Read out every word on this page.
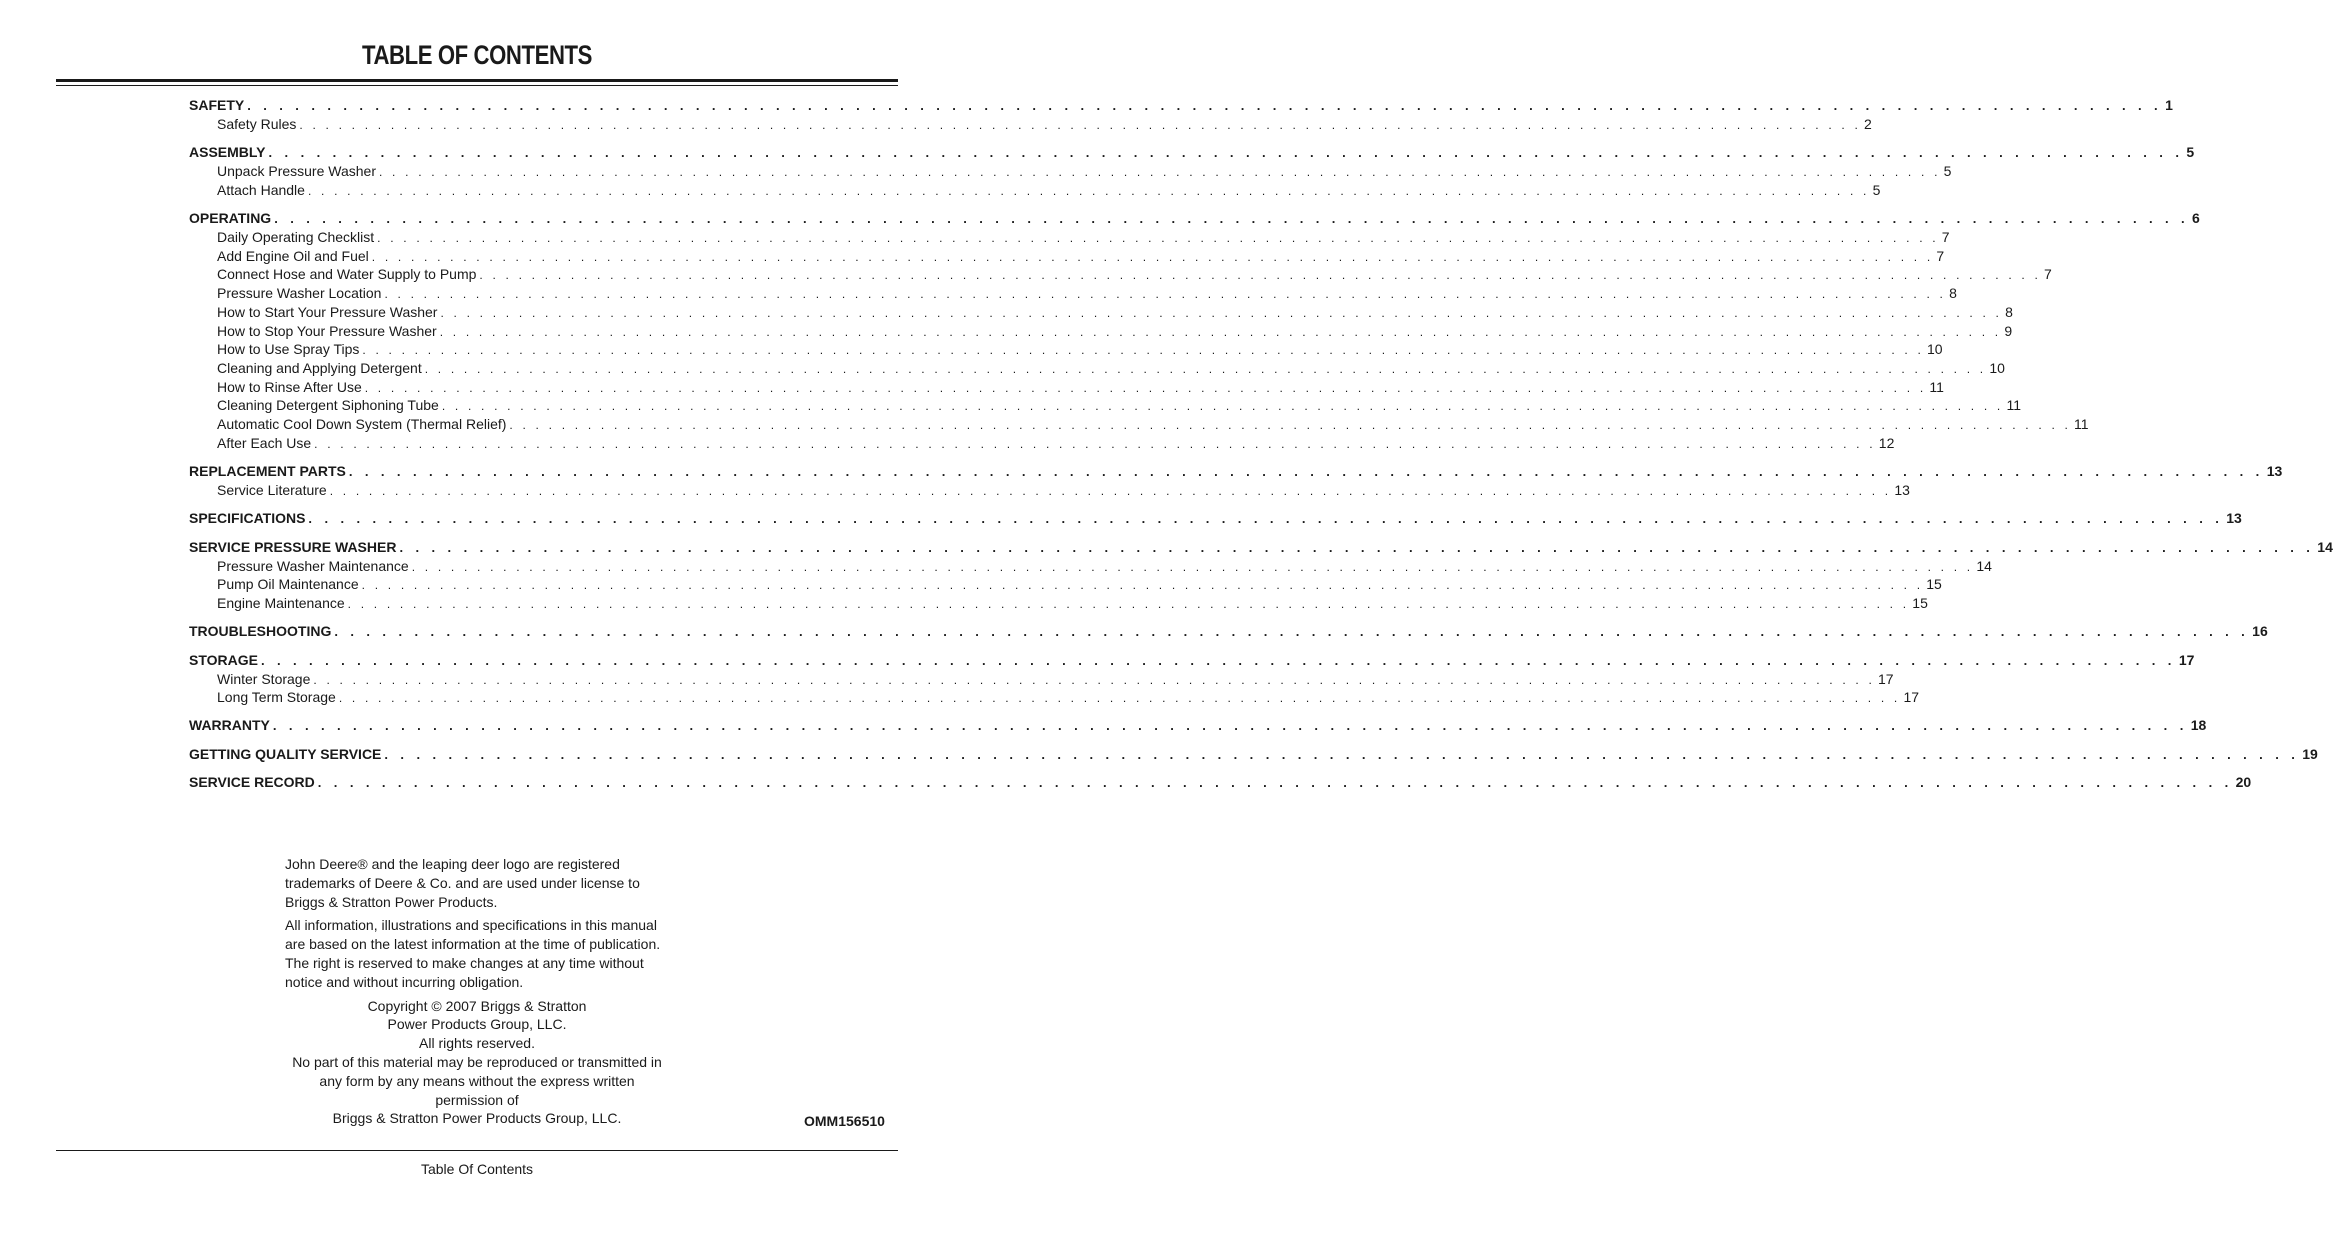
TABLE OF CONTENTS
SAFETY . . . . . . . . . . . . . . . . . . . . . . . . . . . . . . . . . . . . . . . . . . . . . . . . . . . . . . . . . . . . . . . . . . . . . . . . . . . . . . . . . . . . . . . . . . . . . . . . . . . . . . . . . . . . . . . . . . . . . . . . 1
Safety Rules . . . . . . . . . . . . . . . . . . . . . . . . . . . . . . . . . . . . . . . . . . . . . . . . . . . . . . . . . . . . . . . . . . . . . . . . . . . . . . . . . . . . . . . . . . . . . . . . . . . . . . . . . . . . . . . . . . . . . . . . 2
ASSEMBLY . . . . . . . . . . . . . . . . . . . . . . . . . . . . . . . . . . . . . . . . . . . . . . . . . . . . . . . . . . . . . . . . . . . . . . . . . . . . . . . . . . . . . . . . . . . . . . . . . . . . . . . . . . . . . . . . . . . . . . . . 5
Unpack Pressure Washer . . . . . . . . . . . . . . . . . . . . . . . . . . . . . . . . . . . . . . . . . . . . . . . . . . . . . . . . . . . . . . . . . . . . . . . . . . . . . . . . . . . . . . . . . . . . . . . . . . . . . . . . . . . . . . . . . . . . . . . . 5
Attach Handle . . . . . . . . . . . . . . . . . . . . . . . . . . . . . . . . . . . . . . . . . . . . . . . . . . . . . . . . . . . . . . . . . . . . . . . . . . . . . . . . . . . . . . . . . . . . . . . . . . . . . . . . . . . . . . . . . . . . . . . . 5
OPERATING . . . . . . . . . . . . . . . . . . . . . . . . . . . . . . . . . . . . . . . . . . . . . . . . . . . . . . . . . . . . . . . . . . . . . . . . . . . . . . . . . . . . . . . . . . . . . . . . . . . . . . . . . . . . . . . . . . . . . . . . 6
Daily Operating Checklist . . . . . . . . . . . . . . . . . . . . . . . . . . . . . . . . . . . . . . . . . . . . . . . . . . . . . . . . . . . . . . . . . . . . . . . . . . . . . . . . . . . . . . . . . . . . . . . . . . . . . . . . . . . . . . . . . . . . . . . . 7
Add Engine Oil and Fuel . . . . . . . . . . . . . . . . . . . . . . . . . . . . . . . . . . . . . . . . . . . . . . . . . . . . . . . . . . . . . . . . . . . . . . . . . . . . . . . . . . . . . . . . . . . . . . . . . . . . . . . . . . . . . . . . . . . . . . . . 7
Connect Hose and Water Supply to Pump . . . . . . . . . . . . . . . . . . . . . . . . . . . . . . . . . . . . . . . . . . . . . . . . . . . . . . . . . . . . . . . . . . . . . . . . . . . . . . . . . . . . . . . . . . . . . . . . . . . . . . . . . . . . . . . . . . . . . . . . 7
Pressure Washer Location . . . . . . . . . . . . . . . . . . . . . . . . . . . . . . . . . . . . . . . . . . . . . . . . . . . . . . . . . . . . . . . . . . . . . . . . . . . . . . . . . . . . . . . . . . . . . . . . . . . . . . . . . . . . . . . . . . . . . . . . 8
How to Start Your Pressure Washer . . . . . . . . . . . . . . . . . . . . . . . . . . . . . . . . . . . . . . . . . . . . . . . . . . . . . . . . . . . . . . . . . . . . . . . . . . . . . . . . . . . . . . . . . . . . . . . . . . . . . . . . . . . . . . . . . . . . . . . . 8
How to Stop Your Pressure Washer . . . . . . . . . . . . . . . . . . . . . . . . . . . . . . . . . . . . . . . . . . . . . . . . . . . . . . . . . . . . . . . . . . . . . . . . . . . . . . . . . . . . . . . . . . . . . . . . . . . . . . . . . . . . . . . . . . . . . . . . 9
How to Use Spray Tips . . . . . . . . . . . . . . . . . . . . . . . . . . . . . . . . . . . . . . . . . . . . . . . . . . . . . . . . . . . . . . . . . . . . . . . . . . . . . . . . . . . . . . . . . . . . . . . . . . . . . . . . . . . . . . . . . . . . . . . . 10
Cleaning and Applying Detergent . . . . . . . . . . . . . . . . . . . . . . . . . . . . . . . . . . . . . . . . . . . . . . . . . . . . . . . . . . . . . . . . . . . . . . . . . . . . . . . . . . . . . . . . . . . . . . . . . . . . . . . . . . . . . . . . . . . . . . . . 10
How to Rinse After Use . . . . . . . . . . . . . . . . . . . . . . . . . . . . . . . . . . . . . . . . . . . . . . . . . . . . . . . . . . . . . . . . . . . . . . . . . . . . . . . . . . . . . . . . . . . . . . . . . . . . . . . . . . . . . . . . . . . . . . . . 11
Cleaning Detergent Siphoning Tube . . . . . . . . . . . . . . . . . . . . . . . . . . . . . . . . . . . . . . . . . . . . . . . . . . . . . . . . . . . . . . . . . . . . . . . . . . . . . . . . . . . . . . . . . . . . . . . . . . . . . . . . . . . . . . . . . . . . . . . . 11
Automatic Cool Down System (Thermal Relief) . . . . . . . . . . . . . . . . . . . . . . . . . . . . . . . . . . . . . . . . . . . . . . . . . . . . . . . . . . . . . . . . . . . . . . . . . . . . . . . . . . . . . . . . . . . . . . . . . . . . . . . . . . . . . . . . . . . . . . . . 11
After Each Use . . . . . . . . . . . . . . . . . . . . . . . . . . . . . . . . . . . . . . . . . . . . . . . . . . . . . . . . . . . . . . . . . . . . . . . . . . . . . . . . . . . . . . . . . . . . . . . . . . . . . . . . . . . . . . . . . . . . . . . . 12
REPLACEMENT PARTS . . . . . . . . . . . . . . . . . . . . . . . . . . . . . . . . . . . . . . . . . . . . . . . . . . . . . . . . . . . . . . . . . . . . . . . . . . . . . . . . . . . . . . . . . . . . . . . . . . . . . . . . . . . . . . . . . . . . . . . . 13
Service Literature . . . . . . . . . . . . . . . . . . . . . . . . . . . . . . . . . . . . . . . . . . . . . . . . . . . . . . . . . . . . . . . . . . . . . . . . . . . . . . . . . . . . . . . . . . . . . . . . . . . . . . . . . . . . . . . . . . . . . . . . 13
SPECIFICATIONS . . . . . . . . . . . . . . . . . . . . . . . . . . . . . . . . . . . . . . . . . . . . . . . . . . . . . . . . . . . . . . . . . . . . . . . . . . . . . . . . . . . . . . . . . . . . . . . . . . . . . . . . . . . . . . . . . . . . . . . . 13
SERVICE PRESSURE WASHER . . . . . . . . . . . . . . . . . . . . . . . . . . . . . . . . . . . . . . . . . . . . . . . . . . . . . . . . . . . . . . . . . . . . . . . . . . . . . . . . . . . . . . . . . . . . . . . . . . . . . . . . . . . . . . . . . . . . . . . . 14
Pressure Washer Maintenance . . . . . . . . . . . . . . . . . . . . . . . . . . . . . . . . . . . . . . . . . . . . . . . . . . . . . . . . . . . . . . . . . . . . . . . . . . . . . . . . . . . . . . . . . . . . . . . . . . . . . . . . . . . . . . . . . . . . . . . . 14
Pump Oil Maintenance . . . . . . . . . . . . . . . . . . . . . . . . . . . . . . . . . . . . . . . . . . . . . . . . . . . . . . . . . . . . . . . . . . . . . . . . . . . . . . . . . . . . . . . . . . . . . . . . . . . . . . . . . . . . . . . . . . . . . . . . 15
Engine Maintenance . . . . . . . . . . . . . . . . . . . . . . . . . . . . . . . . . . . . . . . . . . . . . . . . . . . . . . . . . . . . . . . . . . . . . . . . . . . . . . . . . . . . . . . . . . . . . . . . . . . . . . . . . . . . . . . . . . . . . . . . 15
TROUBLESHOOTING . . . . . . . . . . . . . . . . . . . . . . . . . . . . . . . . . . . . . . . . . . . . . . . . . . . . . . . . . . . . . . . . . . . . . . . . . . . . . . . . . . . . . . . . . . . . . . . . . . . . . . . . . . . . . . . . . . . . . . . . 16
STORAGE . . . . . . . . . . . . . . . . . . . . . . . . . . . . . . . . . . . . . . . . . . . . . . . . . . . . . . . . . . . . . . . . . . . . . . . . . . . . . . . . . . . . . . . . . . . . . . . . . . . . . . . . . . . . . . . . . . . . . . . . 17
Winter Storage . . . . . . . . . . . . . . . . . . . . . . . . . . . . . . . . . . . . . . . . . . . . . . . . . . . . . . . . . . . . . . . . . . . . . . . . . . . . . . . . . . . . . . . . . . . . . . . . . . . . . . . . . . . . . . . . . . . . . . . . 17
Long Term Storage . . . . . . . . . . . . . . . . . . . . . . . . . . . . . . . . . . . . . . . . . . . . . . . . . . . . . . . . . . . . . . . . . . . . . . . . . . . . . . . . . . . . . . . . . . . . . . . . . . . . . . . . . . . . . . . . . . . . . . . . 17
WARRANTY . . . . . . . . . . . . . . . . . . . . . . . . . . . . . . . . . . . . . . . . . . . . . . . . . . . . . . . . . . . . . . . . . . . . . . . . . . . . . . . . . . . . . . . . . . . . . . . . . . . . . . . . . . . . . . . . . . . . . . . . 18
GETTING QUALITY SERVICE . . . . . . . . . . . . . . . . . . . . . . . . . . . . . . . . . . . . . . . . . . . . . . . . . . . . . . . . . . . . . . . . . . . . . . . . . . . . . . . . . . . . . . . . . . . . . . . . . . . . . . . . . . . . . . . . . . . . . . . . 19
SERVICE RECORD . . . . . . . . . . . . . . . . . . . . . . . . . . . . . . . . . . . . . . . . . . . . . . . . . . . . . . . . . . . . . . . . . . . . . . . . . . . . . . . . . . . . . . . . . . . . . . . . . . . . . . . . . . . . . . . . . . . . . . . . 20

John Deere® and the leaping deer logo are registered trademarks of Deere & Co. and are used under license to Briggs & Stratton Power Products.

All information, illustrations and specifications in this manual are based on the latest information at the time of publication. The right is reserved to make changes at any time without notice and without incurring obligation.

Copyright © 2007 Briggs & Stratton
Power Products Group, LLC.
All rights reserved.
No part of this material may be reproduced or transmitted in
any form by any means without the express written
permission of
Briggs & Stratton Power Products Group, LLC.	OMM156510
Table Of Contents
